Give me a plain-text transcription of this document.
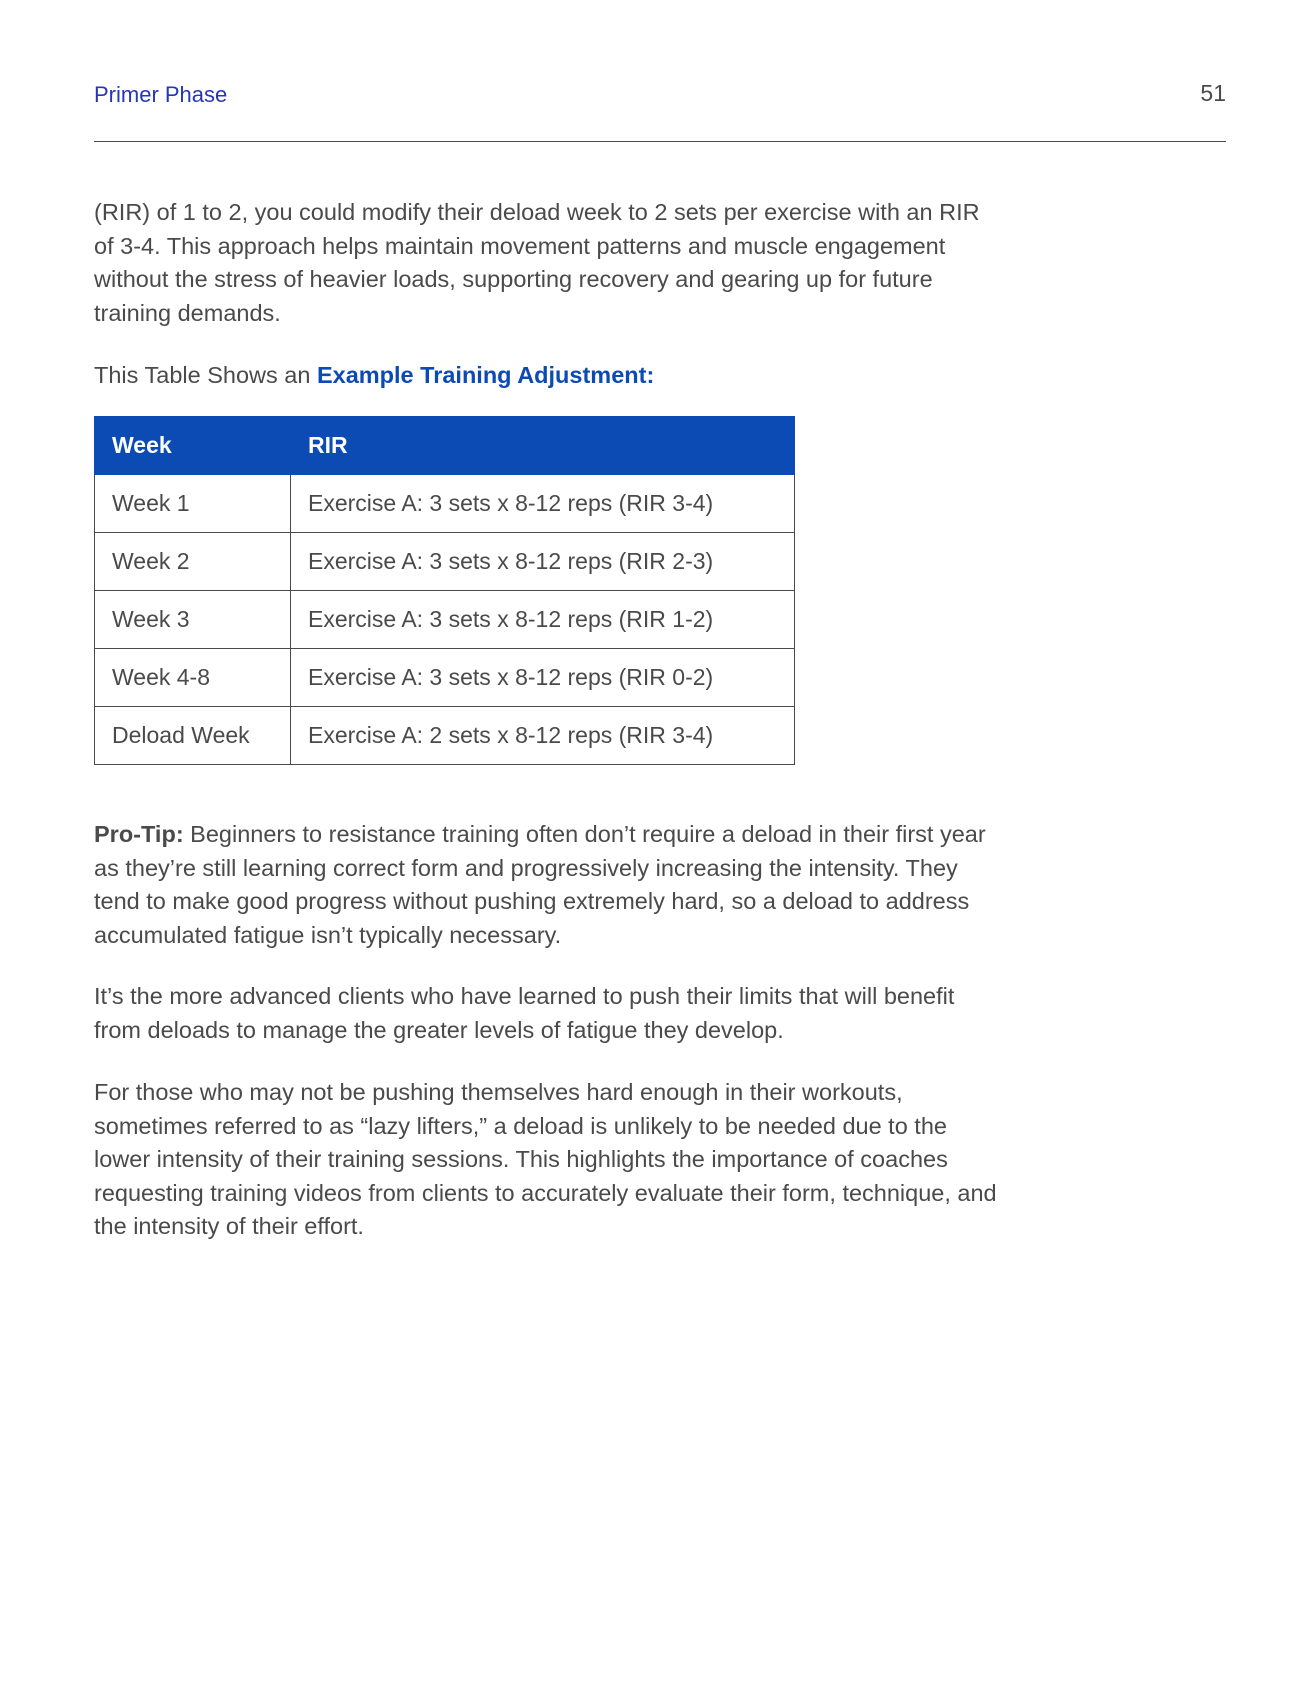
Primer Phase	51

(RIR) of 1 to 2, you could modify their deload week to 2 sets per exercise with an RIR of 3-4. This approach helps maintain movement patterns and muscle engagement without the stress of heavier loads, supporting recovery and gearing up for future training demands.

This Table Shows an Example Training Adjustment:

Week	RIR
Week 1	Exercise A: 3 sets x 8-12 reps (RIR 3-4)
Week 2	Exercise A: 3 sets x 8-12 reps (RIR 2-3)
Week 3	Exercise A: 3 sets x 8-12 reps (RIR 1-2)
Week 4-8	Exercise A: 3 sets x 8-12 reps (RIR 0-2)
Deload Week	Exercise A: 2 sets x 8-12 reps (RIR 3-4)

Pro-Tip: Beginners to resistance training often don’t require a deload in their first year as they’re still learning correct form and progressively increasing the intensity. They tend to make good progress without pushing extremely hard, so a deload to address accumulated fatigue isn’t typically necessary.

It’s the more advanced clients who have learned to push their limits that will benefit from deloads to manage the greater levels of fatigue they develop.

For those who may not be pushing themselves hard enough in their workouts, sometimes referred to as “lazy lifters,” a deload is unlikely to be needed due to the lower intensity of their training sessions. This highlights the importance of coaches requesting training videos from clients to accurately evaluate their form, technique, and the intensity of their effort.
